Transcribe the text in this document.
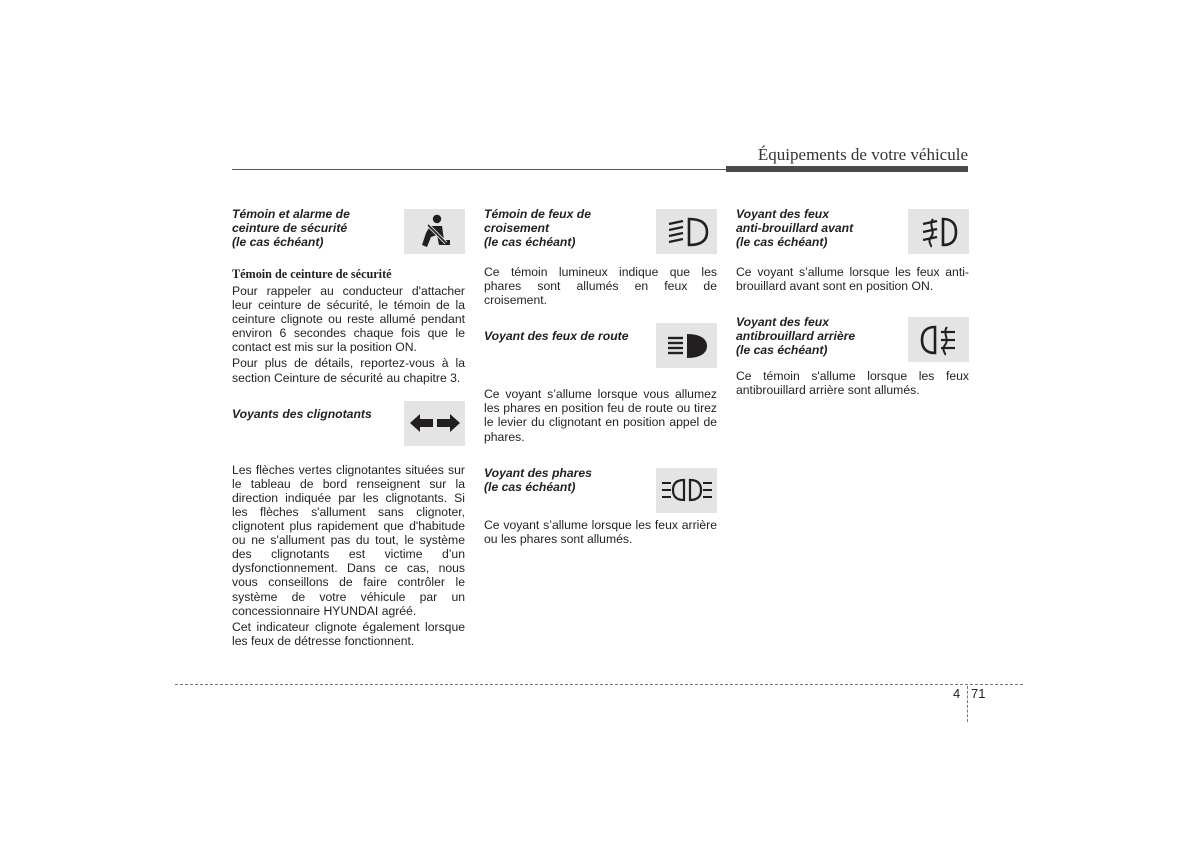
Équipements de votre véhicule
Témoin et alarme de
ceinture de sécurité
(le cas échéant)
Témoin de ceinture de sécurité

Pour rappeler au conducteur d'attacher leur ceinture de sécurité, le témoin de la ceinture clignote ou reste allumé pendant environ 6 secondes chaque fois que le contact est mis sur la position ON.

Pour plus de détails, reportez-vous à la section Ceinture de sécurité au chapitre 3.

Voyants des clignotants

Les flèches vertes clignotantes situées sur le tableau de bord renseignent sur la direction indiquée par les clignotants. Si les flèches s'allument sans clignoter, clignotent plus rapidement que d'habitude ou ne s'allument pas du tout, le système des clignotants est victime d’un dysfonctionnement. Dans ce cas, nous vous conseillons de faire contrôler le système de votre véhicule par un concessionnaire HYUNDAI agréé.

Cet indicateur clignote également lorsque les feux de détresse fonctionnent.

Témoin de feux de
croisement
(le cas échéant)

Ce témoin lumineux indique que les phares sont allumés en feux de croisement.

Voyant des feux de route

Ce voyant s’allume lorsque vous allumez les phares en position feu de route ou tirez le levier du clignotant en position appel de phares.

Voyant des phares
(le cas échéant)

Ce voyant s’allume lorsque les feux arrière ou les phares sont allumés.

Voyant des feux
anti-brouillard avant
(le cas échéant)

Ce voyant s’allume lorsque les feux anti-brouillard avant sont en position ON.

Voyant des feux
antibrouillard arrière
(le cas échéant)

Ce témoin s'allume lorsque les feux antibrouillard arrière sont allumés.

4 71
